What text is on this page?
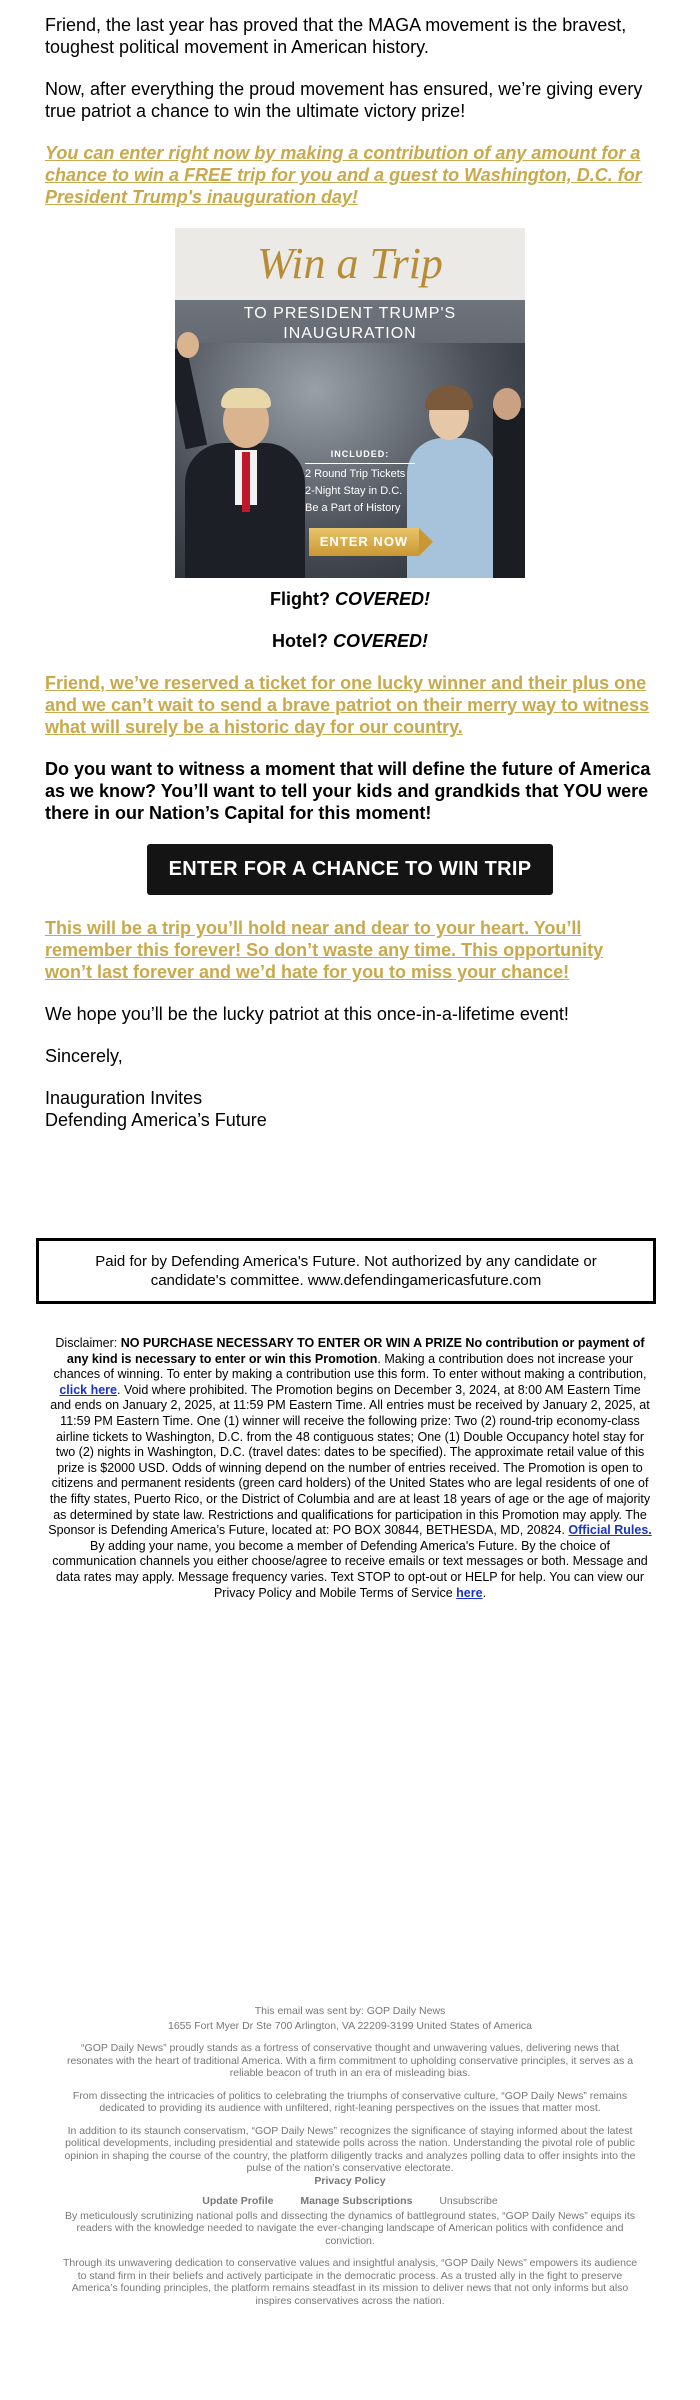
Friend, the last year has proved that the MAGA movement is the bravest, toughest political movement in American history.

Now, after everything the proud movement has ensured, we’re giving every true patriot a chance to win the ultimate victory prize!

You can enter right now by making a contribution of any amount for a chance to win a FREE trip for you and a guest to Washington, D.C. for President Trump's inauguration day!

Win a Trip
TO PRESIDENT TRUMP'S
INAUGURATION
INCLUDED:
2 Round Trip Tickets
2-Night Stay in D.C.
Be a Part of History
ENTER NOW

Flight? COVERED!

Hotel? COVERED!

Friend, we’ve reserved a ticket for one lucky winner and their plus one and we can’t wait to send a brave patriot on their merry way to witness what will surely be a historic day for our country.

Do you want to witness a moment that will define the future of America as we know? You’ll want to tell your kids and grandkids that YOU were there in our Nation’s Capital for this moment!

ENTER FOR A CHANCE TO WIN TRIP

This will be a trip you’ll hold near and dear to your heart. You’ll remember this forever! So don’t waste any time. This opportunity won’t last forever and we’d hate for you to miss your chance!

We hope you’ll be the lucky patriot at this once-in-a-lifetime event!

Sincerely,

Inauguration Invites
Defending America’s Future

Paid for by Defending America's Future. Not authorized by any candidate or candidate's committee. www.defendingamericasfuture.com
Disclaimer: NO PURCHASE NECESSARY TO ENTER OR WIN A PRIZE No contribution or payment of any kind is necessary to enter or win this Promotion. Making a contribution does not increase your chances of winning. To enter by making a contribution use this form. To enter without making a contribution, click here. Void where prohibited. The Promotion begins on December 3, 2024, at 8:00 AM Eastern Time and ends on January 2, 2025, at 11:59 PM Eastern Time. All entries must be received by January 2, 2025, at 11:59 PM Eastern Time. One (1) winner will receive the following prize: Two (2) round-trip economy-class airline tickets to Washington, D.C. from the 48 contiguous states; One (1) Double Occupancy hotel stay for two (2) nights in Washington, D.C. (travel dates: dates to be specified). The approximate retail value of this prize is $2000 USD. Odds of winning depend on the number of entries received. The Promotion is open to citizens and permanent residents (green card holders) of the United States who are legal residents of one of the fifty states, Puerto Rico, or the District of Columbia and are at least 18 years of age or the age of majority as determined by state law. Restrictions and qualifications for participation in this Promotion may apply. The Sponsor is Defending America’s Future, located at: PO BOX 30844, BETHESDA, MD, 20824. Official Rules. By adding your name, you become a member of Defending America's Future. By the choice of communication channels you either choose/agree to receive emails or text messages or both. Message and data rates may apply. Message frequency varies. Text STOP to opt-out or HELP for help. You can view our Privacy Policy and Mobile Terms of Service here.

This email was sent by: GOP Daily News

1655 Fort Myer Dr Ste 700 Arlington, VA 22209-3199 United States of America

“GOP Daily News” proudly stands as a fortress of conservative thought and unwavering values, delivering news that resonates with the heart of traditional America. With a firm commitment to upholding conservative principles, it serves as a reliable beacon of truth in an era of misleading bias.

From dissecting the intricacies of politics to celebrating the triumphs of conservative culture, “GOP Daily News” remains dedicated to providing its audience with unfiltered, right-leaning perspectives on the issues that matter most.

In addition to its staunch conservatism, “GOP Daily News” recognizes the significance of staying informed about the latest political developments, including presidential and statewide polls across the nation. Understanding the pivotal role of public opinion in shaping the course of the country, the platform diligently tracks and analyzes polling data to offer insights into the pulse of the nation’s conservative electorate.

Privacy Policy

Update Profile	Manage Subscriptions	Unsubscribe

By meticulously scrutinizing national polls and dissecting the dynamics of battleground states, “GOP Daily News” equips its readers with the knowledge needed to navigate the ever-changing landscape of American politics with confidence and conviction.

Through its unwavering dedication to conservative values and insightful analysis, “GOP Daily News” empowers its audience to stand firm in their beliefs and actively participate in the democratic process. As a trusted ally in the fight to preserve America’s founding principles, the platform remains steadfast in its mission to deliver news that not only informs but also inspires conservatives across the nation.
